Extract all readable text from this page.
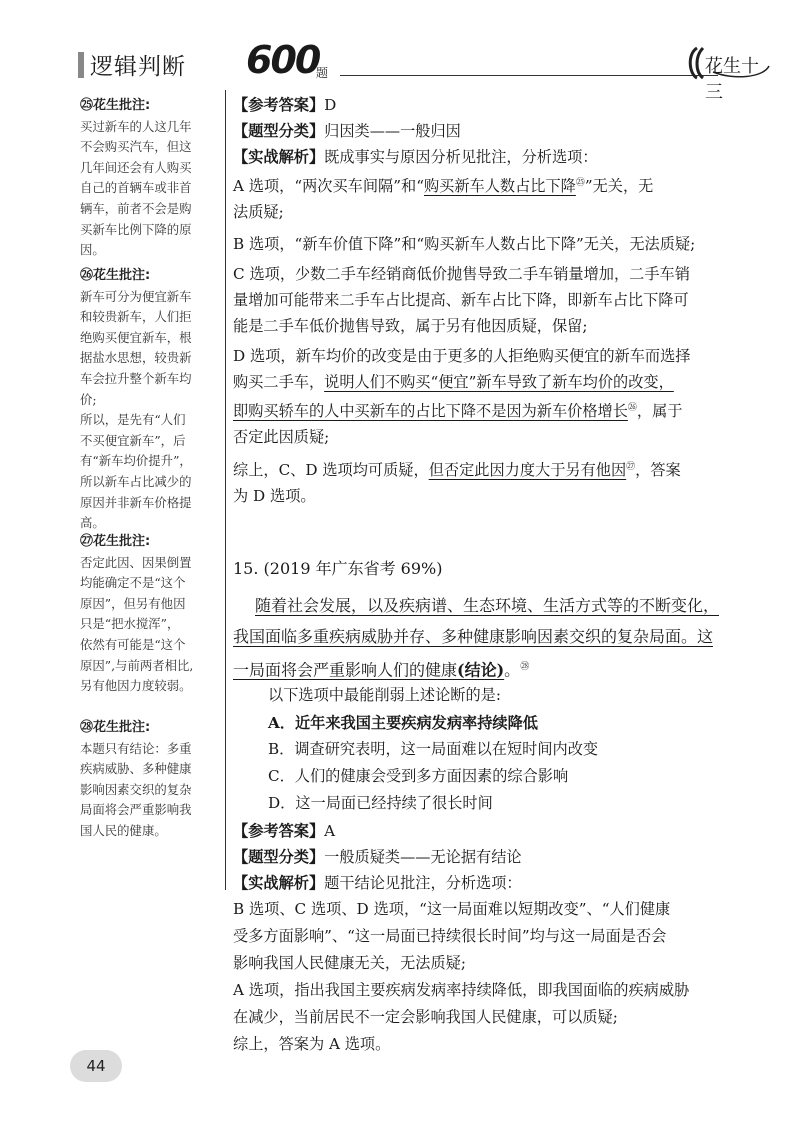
逻辑判断 600
题	花生十三
㉕花生批注:
买过新车的人这几年
不会购买汽车，但这
几年间还会有人购买
自己的首辆车或非首
辆车，前者不会是购
买新车比例下降的原
因。
㉖花生批注:
新车可分为便宜新车
和较贵新车，人们拒
绝购买便宜新车，根
据盐水思想，较贵新
车会拉升整个新车均
价;
所以，是先有“人们
不买便宜新车”，后
有“新车均价提升”，
所以新车占比减少的
原因并非新车价格提
高。
㉗花生批注:
否定此因、因果倒置
均能确定不是“这个
原因”，但另有他因
只是“把水搅浑”，
依然有可能是“这个
原因”,与前两者相比,
另有他因力度较弱。
㉘花生批注:
本题只有结论：多重
疾病威胁、多种健康
影响因素交织的复杂
局面将会严重影响我
国人民的健康。

【参考答案】D

【题型分类】归因类——一般归因

【实战解析】既成事实与原因分析见批注，分析选项：

A 选项，“两次买车间隔”和“购买新车人数占比下降$^㉕$”无关，无
法质疑;

B 选项，“新车价值下降”和“购买新车人数占比下降”无关，无法质疑;

C 选项，少数二手车经销商低价抛售导致二手车销量增加，二手车销
量增加可能带来二手车占比提高、新车占比下降，即新车占比下降可
能是二手车低价抛售导致，属于另有他因质疑，保留;

D 选项，新车均价的改变是由于更多的人拒绝购买便宜的新车而选择
购买二手车，说明人们不购买“便宜”新车导致了新车均价的改变，
即购买轿车的人中买新车的占比下降不是因为新车价格增长$^㉖$，属于
否定此因质疑;

综上，C、D 选项均可质疑，但否定此因力度大于另有他因$^㉗$，答案
为 D 选项。

15. (2019 年广东省考 69%)
随着社会发展，以及疾病谱、生态环境、生活方式等的不断变化，
我国面临多重疾病威胁并存、多种健康影响因素交织的复杂局面。这
一局面将会严重影响人们的健康(结论)。$^㉘$
以下选项中最能削弱上述论断的是:
A．近年来我国主要疾病发病率持续降低
B．调查研究表明，这一局面难以在短时间内改变
C．人们的健康会受到多方面因素的综合影响
D．这一局面已经持续了很长时间

【参考答案】A

【题型分类】一般质疑类——无论据有结论

【实战解析】题干结论见批注，分析选项：

B 选项、C 选项、D 选项，“这一局面难以短期改变”、“人们健康
受多方面影响”、“这一局面已持续很长时间”均与这一局面是否会
影响我国人民健康无关，无法质疑;
A 选项，指出我国主要疾病发病率持续降低，即我国面临的疾病威胁
在减少，当前居民不一定会影响我国人民健康，可以质疑;
综上，答案为 A 选项。

44
